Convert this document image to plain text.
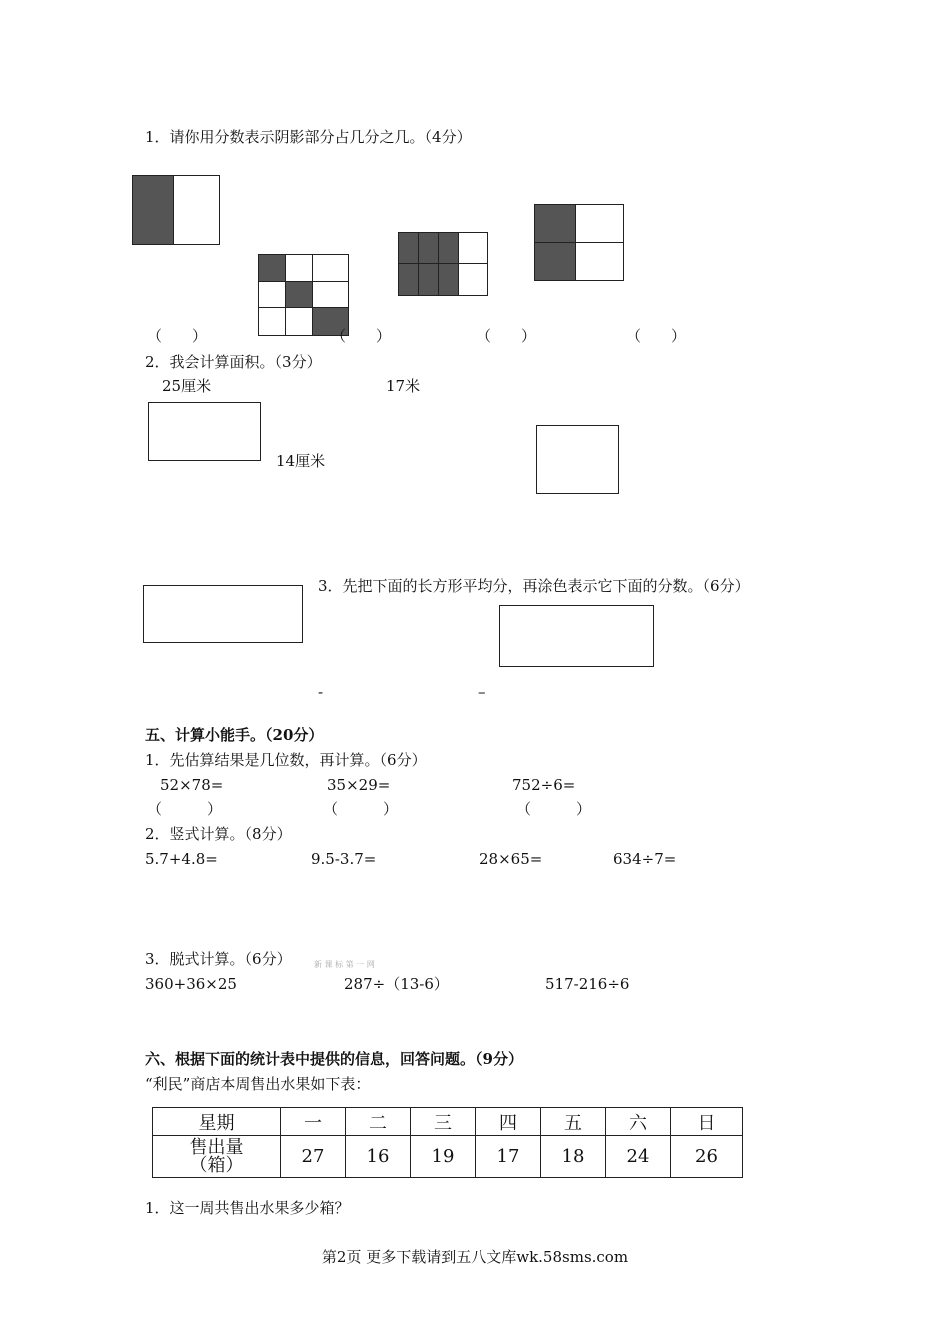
1．请你用分数表示阴影部分占几分之几。（4分）
（　　）	（　　）	（　　）	（　　）
2．我会计算面积。（3分）
25厘米	17米
14厘米
3．先把下面的长方形平均分，再涂色表示它下面的分数。（6分）
-	–
五、计算小能手。（20分）
1．先估算结果是几位数，再计算。（6分）
52×78=	35×29=	752÷6=
（　　　）	（　　　）	（　　　）
2．竖式计算。（8分）
5.7+4.8=	9.5-3.7=	28×65=	634÷7=
3．脱式计算。（6分）	新 课 标 第 一 网
360+36×25	287÷（13-6）	517-216÷6
六、根据下面的统计表中提供的信息，回答问题。（9分）
“利民”商店本周售出水果如下表：
星期	一	二	三	四	五	六	日

售出量
（箱）	27	16	19	17	18	24	26
1．这一周共售出水果多少箱？
第2页 更多下载请到五八文库wk.58sms.com
